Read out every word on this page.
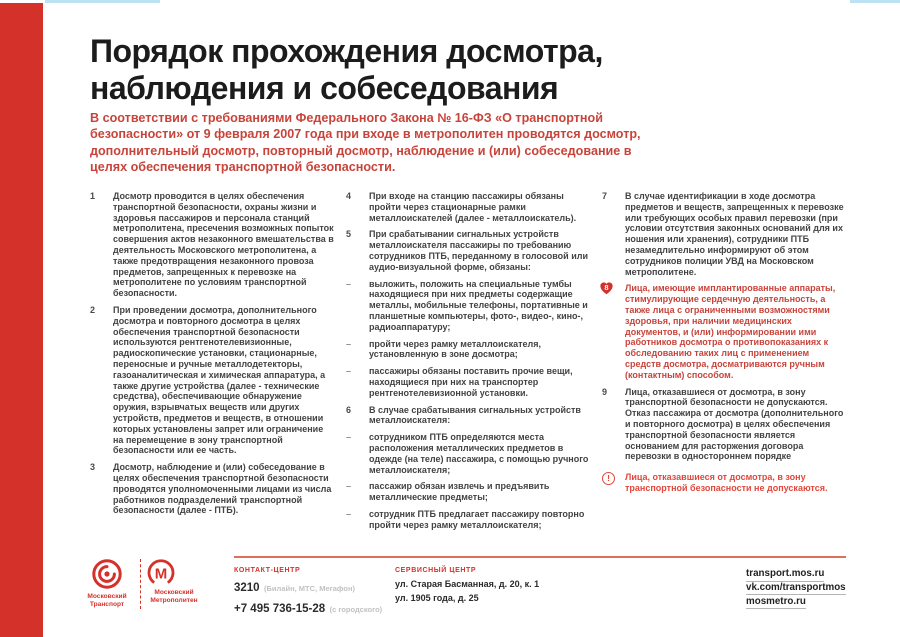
Порядок прохождения досмотра,
наблюдения и собеседования
В соответствии с требованиями Федерального Закона № 16-ФЗ «О транспортной безопасности» от 9 февраля 2007 года при входе в метрополитен проводятся досмотр, дополнительный досмотр, повторный досмотр, наблюдение и (или) собеседование в целях обеспечения транспортной безопасности.
1	Досмотр проводится в целях обеспечения транспортной безопасности, охраны жизни и здоровья пассажиров и персонала станций метрополитена, пресечения возможных попыток совершения актов незаконного вмешательства в деятельность Московского метрополитена, а также предотвращения незаконного провоза предметов, запрещенных к перевозке на метрополитене по условиям транспортной безопасности.
2	При проведении досмотра, дополнительного досмотра и повторного досмотра в целях обеспечения транспортной безопасности используются рентгенотелевизионные, радиоскопические установки, стационарные, переносные и ручные металлодетекторы, газоаналитическая и химическая аппаратура, а также другие устройства (далее - технические средства), обеспечивающие обнаружение оружия, взрывчатых веществ или других устройств, предметов и веществ, в отношении которых установлены запрет или ограничение на перемещение в зону транспортной безопасности или ее часть.
3	Досмотр, наблюдение и (или) собеседование в целях обеспечения транспортной безопасности проводятся уполномоченными лицами из числа работников подразделений транспортной безопасности (далее - ПТБ).
4	При входе на станцию пассажиры обязаны пройти через стационарные рамки металлоискателей (далее - металлоискатель).
5	При срабатывании сигнальных устройств металлоискателя пассажиры по требованию сотрудников ПТБ, переданному в голосовой или аудио-визуальной форме, обязаны:
–	выложить, положить на специальные тумбы находящиеся при них предметы содержащие металлы, мобильные телефоны, портативные и планшетные компьютеры, фото-, видео-, кино-, радиоаппаратуру;
–	пройти через рамку металлоискателя, установленную в зоне досмотра;
–	пассажиры обязаны поставить прочие вещи, находящиеся при них на транспортер рентгенотелевизионной установки.
6	В случае срабатывания сигнальных устройств металлоискателя:
–	сотрудником ПТБ определяются места расположения металлических предметов в одежде (на теле) пассажира, с помощью ручного металлоискателя;
–	пассажир обязан извлечь и предъявить металлические предметы;
–	сотрудник ПТБ предлагает пассажиру повторно пройти через рамку металлоискателя;
7	В случае идентификации в ходе досмотра предметов и веществ, запрещенных к перевозке или требующих особых правил перевозки (при условии отсутствия законных оснований для их ношения или хранения), сотрудники ПТБ незамедлительно информируют об этом сотрудников полиции УВД на Московском метрополитене.
8	Лица, имеющие имплантированные аппараты, стимулирующие сердечную деятельность, а также лица с ограниченными возможностями здоровья, при наличии медицинских документов, и (или) информировании ими работников досмотра о противопоказаниях к обследованию таких лиц с применением средств досмотра, досматриваются ручным (контактным) способом.
9	Лица, отказавшиеся от досмотра, в зону транспортной безопасности не допускаются. Отказ пассажира от досмотра (дополнительного и повторного досмотра) в целях обеспечения транспортной безопасности является основанием для расторжения договора перевозки в одностороннем порядке
!	Лица, отказавшиеся от досмотра, в зону транспортной безопасности не допускаются.
Московский Транспорт
М
Московский Метрополитен
КОНТАКТ-ЦЕНТР
3210 (Билайн, МТС, Мегафон)
+7 495 736-15-28 (с городского)
СЕРВИСНЫЙ ЦЕНТР
ул. Старая Басманная, д. 20, к. 1
ул. 1905 года, д. 25
transport.mos.ru
vk.com/transportmos
mosmetro.ru
